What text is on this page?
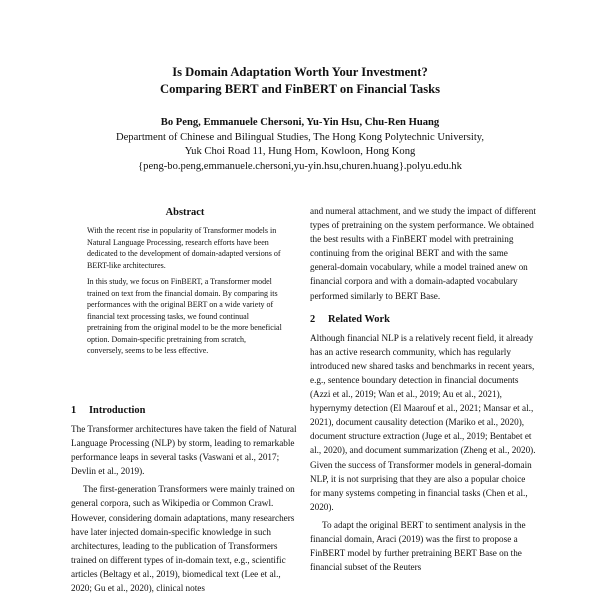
Is Domain Adaptation Worth Your Investment?
Comparing BERT and FinBERT on Financial Tasks
Bo Peng, Emmanuele Chersoni, Yu-Yin Hsu, Chu-Ren Huang
Department of Chinese and Bilingual Studies, The Hong Kong Polytechnic University,
Yuk Choi Road 11, Hung Hom, Kowloon, Hong Kong
{peng-bo.peng,emmanuele.chersoni,yu-yin.hsu,churen.huang}.polyu.edu.hk
Abstract

With the recent rise in popularity of Transformer models in Natural Language Processing, research efforts have been dedicated to the development of domain-adapted versions of BERT-like architectures.

In this study, we focus on FinBERT, a Transformer model trained on text from the financial domain. By comparing its performances with the original BERT on a wide variety of financial text processing tasks, we found continual pretraining from the original model to be the more beneficial option. Domain-specific pretraining from scratch, conversely, seems to be less effective.

1 Introduction

The Transformer architectures have taken the field of Natural Language Processing (NLP) by storm, leading to remarkable performance leaps in several tasks (Vaswani et al., 2017; Devlin et al., 2019).

The first-generation Transformers were mainly trained on general corpora, such as Wikipedia or Common Crawl. However, considering domain adaptations, many researchers have later injected domain-specific knowledge in such architectures, leading to the publication of Transformers trained on different types of in-domain text, e.g., scientific articles (Beltagy et al., 2019), biomedical text (Lee et al., 2020; Gu et al., 2020), clinical notes

and numeral attachment, and we study the impact of different types of pretraining on the system performance. We obtained the best results with a FinBERT model with pretraining continuing from the original BERT and with the same general-domain vocabulary, while a model trained anew on financial corpora and with a domain-adapted vocabulary performed similarly to BERT Base.

2 Related Work

Although financial NLP is a relatively recent field, it already has an active research community, which has regularly introduced new shared tasks and benchmarks in recent years, e.g., sentence boundary detection in financial documents (Azzi et al., 2019; Wan et al., 2019; Au et al., 2021), hypernymy detection (El Maarouf et al., 2021; Mansar et al., 2021), document causality detection (Mariko et al., 2020), document structure extraction (Juge et al., 2019; Bentabet et al., 2020), and document summarization (Zheng et al., 2020). Given the success of Transformer models in general-domain NLP, it is not surprising that they are also a popular choice for many systems competing in financial tasks (Chen et al., 2020).

To adapt the original BERT to sentiment analysis in the financial domain, Araci (2019) was the first to propose a FinBERT model by further pretraining BERT Base on the financial subset of the Reuters
